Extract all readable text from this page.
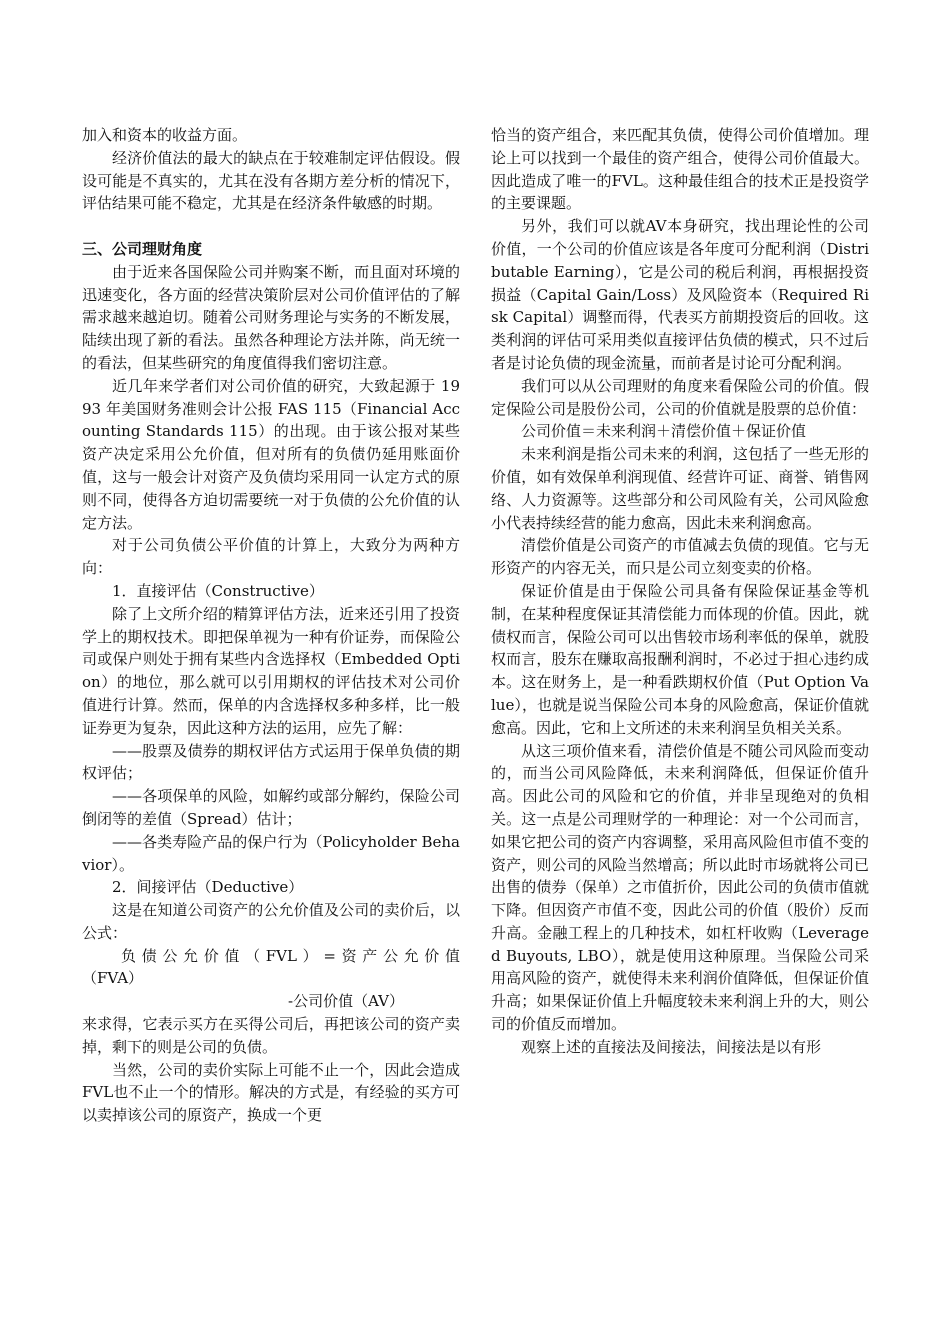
加入和资本的收益方面。

经济价值法的最大的缺点在于较难制定评估假设。假设可能是不真实的，尤其在没有各期方差分析的情况下，评估结果可能不稳定，尤其是在经济条件敏感的时期。

三、公司理财角度

由于近来各国保险公司并购案不断，而且面对环境的迅速变化，各方面的经营决策阶层对公司价值评估的了解需求越来越迫切。随着公司财务理论与实务的不断发展，陆续出现了新的看法。虽然各种理论方法并陈，尚无统一的看法，但某些研究的角度值得我们密切注意。

近几年来学者们对公司价值的研究，大致起源于 1993 年美国财务准则会计公报 FAS 115（Financial Accounting Standards 115）的出现。由于该公报对某些资产决定采用公允价值，但对所有的负债仍延用账面价值，这与一般会计对资产及负债均采用同一认定方式的原则不同，使得各方迫切需要统一对于负债的公允价值的认定方法。

对于公司负债公平价值的计算上，大致分为两种方向：

1．直接评估（Constructive）

除了上文所介绍的精算评估方法，近来还引用了投资学上的期权技术。即把保单视为一种有价证券，而保险公司或保户则处于拥有某些内含选择权（Embedded Option）的地位，那么就可以引用期权的评估技术对公司价值进行计算。然而，保单的内含选择权多种多样，比一般证券更为复杂，因此这种方法的运用，应先了解：

——股票及债券的期权评估方式运用于保单负债的期权评估；

——各项保单的风险，如解约或部分解约，保险公司倒闭等的差值（Spread）估计；

——各类寿险产品的保户行为（Policyholder Behavior）。

2．间接评估（Deductive）

这是在知道公司资产的公允价值及公司的卖价后，以公式：

负债公允价值（FVL）=资产公允价值

（FVA）

-公司价值（AV）

来求得，它表示买方在买得公司后，再把该公司的资产卖掉，剩下的则是公司的负债。

当然，公司的卖价实际上可能不止一个，因此会造成FVL也不止一个的情形。解决的方式是，有经验的买方可以卖掉该公司的原资产，换成一个更

恰当的资产组合，来匹配其负债，使得公司价值增加。理论上可以找到一个最佳的资产组合，使得公司价值最大。因此造成了唯一的FVL。这种最佳组合的技术正是投资学的主要课题。

另外，我们可以就AV本身研究，找出理论性的公司价值，一个公司的价值应该是各年度可分配利润（Distributable Earning），它是公司的税后利润，再根据投资损益（Capital Gain/Loss）及风险资本（Required Risk Capital）调整而得，代表买方前期投资后的回收。这类利润的评估可采用类似直接评估负债的模式，只不过后者是讨论负债的现金流量，而前者是讨论可分配利润。

我们可以从公司理财的角度来看保险公司的价值。假定保险公司是股份公司，公司的价值就是股票的总价值：

公司价值＝未来利润＋清偿价值＋保证价值

未来利润是指公司未来的利润，这包括了一些无形的价值，如有效保单利润现值、经营许可证、商誉、销售网络、人力资源等。这些部分和公司风险有关，公司风险愈小代表持续经营的能力愈高，因此未来利润愈高。

清偿价值是公司资产的市值减去负债的现值。它与无形资产的内容无关，而只是公司立刻变卖的价格。

保证价值是由于保险公司具备有保险保证基金等机制，在某种程度保证其清偿能力而体现的价值。因此，就债权而言，保险公司可以出售较市场利率低的保单，就股权而言，股东在赚取高报酬利润时，不必过于担心违约成本。这在财务上，是一种看跌期权价值（Put Option Value），也就是说当保险公司本身的风险愈高，保证价值就愈高。因此，它和上文所述的未来利润呈负相关关系。

从这三项价值来看，清偿价值是不随公司风险而变动的，而当公司风险降低，未来利润降低，但保证价值升高。因此公司的风险和它的价值，并非呈现绝对的负相关。这一点是公司理财学的一种理论：对一个公司而言，如果它把公司的资产内容调整，采用高风险但市值不变的资产，则公司的风险当然增高；所以此时市场就将公司已出售的债券（保单）之市值折价，因此公司的负债市值就下降。但因资产市值不变，因此公司的价值（股价）反而升高。金融工程上的几种技术，如杠杆收购（Leveraged Buyouts, LBO），就是使用这种原理。当保险公司采用高风险的资产，就使得未来利润价值降低，但保证价值升高；如果保证价值上升幅度较未来利润上升的大，则公司的价值反而增加。

观察上述的直接法及间接法，间接法是以有形
